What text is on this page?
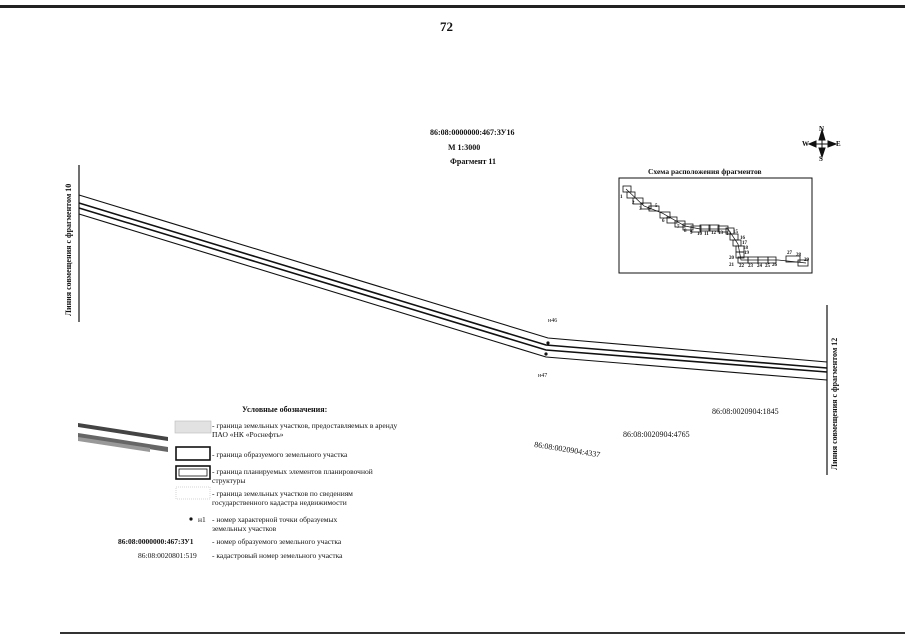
72
86:08:0000000:467:ЗУ16
М 1:3000
Фрагмент 11
N
S
E
W
Схема расположения фрагментов
1
2
3 4
5
6
7
8 9 10 11 12 13 14 15
16
17
18
19
20
21 22 23 24 25 26
27 28
29
Линия совмещения с фрагментом 10
Линия совмещения с фрагментом 12
н46
н47
86:08:0020904:1845
86:08:0020904:4765
86:08:0020904:4337
Условные обозначения:
- граница земельных участков, предоставляемых в аренду ПАО «НК «Роснефть»
- граница образуемого земельного участка
- граница планируемых элементов планировочной структуры
- граница земельных участков по сведениям государственного кадастра недвижимости
н1 - номер характерной точки образуемых земельных участков
86:08:0000000:467:ЗУ1 - номер образуемого земельного участка
86:08:0020801:519 - кадастровый номер земельного участка
